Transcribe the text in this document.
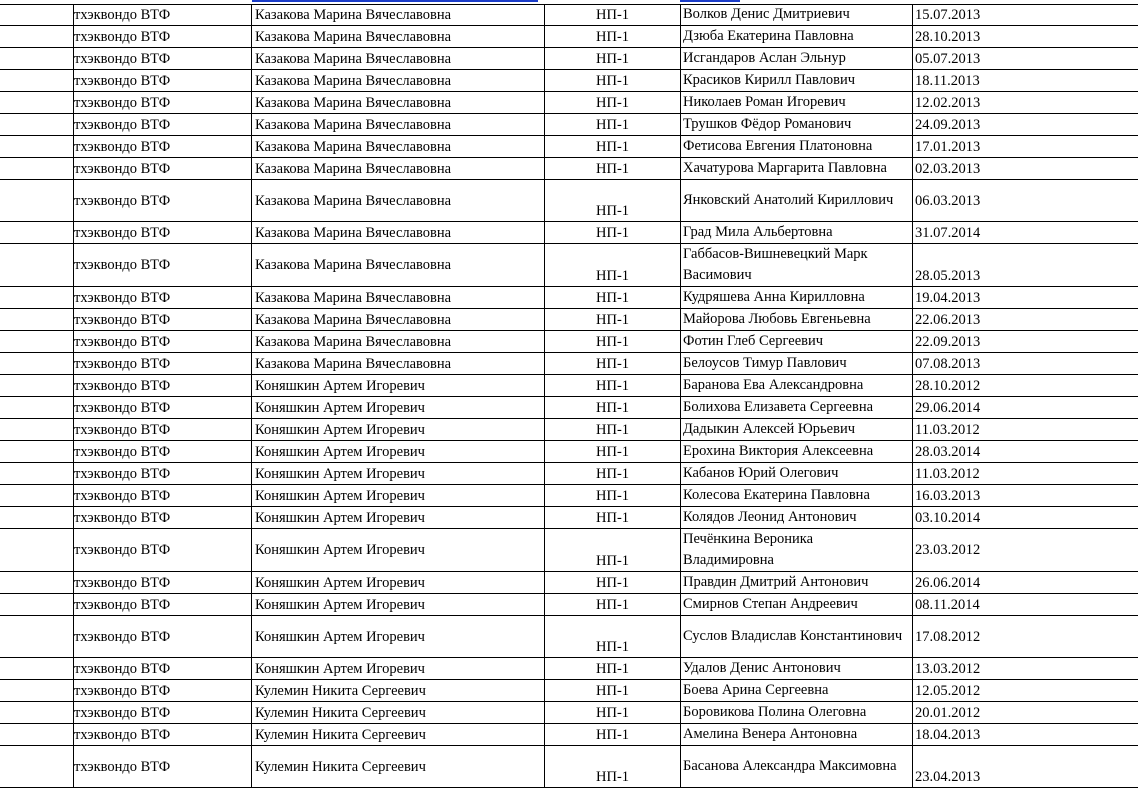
	тхэквондо ВТФ	Казакова Марина Вячеславовна		НП-1	Волков Денис Дмитриевич	15.07.2013
	тхэквондо ВТФ	Казакова Марина Вячеславовна		НП-1	Дзюба Екатерина Павловна	28.10.2013
	тхэквондо ВТФ	Казакова Марина Вячеславовна		НП-1	Исгандаров Аслан Эльнур	05.07.2013
	тхэквондо ВТФ	Казакова Марина Вячеславовна		НП-1	Красиков Кирилл Павлович	18.11.2013
	тхэквондо ВТФ	Казакова Марина Вячеславовна		НП-1	Николаев Роман Игоревич	12.02.2013
	тхэквондо ВТФ	Казакова Марина Вячеславовна		НП-1	Трушков Фёдор Романович	24.09.2013
	тхэквондо ВТФ	Казакова Марина Вячеславовна		НП-1	Фетисова Евгения Платоновна	17.01.2013
	тхэквондо ВТФ	Казакова Марина Вячеславовна		НП-1	Хачатурова Маргарита Павловна	02.03.2013
	тхэквондо ВТФ	Казакова Марина Вячеславовна		НП-1	Янковский Анатолий Кириллович	06.03.2013
	тхэквондо ВТФ	Казакова Марина Вячеславовна		НП-1	Град Мила Альбертовна	31.07.2014
	тхэквондо ВТФ	Казакова Марина Вячеславовна		НП-1	Габбасов-Вишневецкий Марк Васимович	28.05.2013
	тхэквондо ВТФ	Казакова Марина Вячеславовна		НП-1	Кудряшева Анна Кирилловна	19.04.2013
	тхэквондо ВТФ	Казакова Марина Вячеславовна		НП-1	Майорова Любовь Евгеньевна	22.06.2013
	тхэквондо ВТФ	Казакова Марина Вячеславовна		НП-1	Фотин Глеб Сергеевич	22.09.2013
	тхэквондо ВТФ	Казакова Марина Вячеславовна		НП-1	Белоусов Тимур Павлович	07.08.2013
	тхэквондо ВТФ	Коняшкин Артем Игоревич		НП-1	Баранова Ева Александровна	28.10.2012
	тхэквондо ВТФ	Коняшкин Артем Игоревич		НП-1	Болихова Елизавета Сергеевна	29.06.2014
	тхэквондо ВТФ	Коняшкин Артем Игоревич		НП-1	Дадыкин Алексей Юрьевич	11.03.2012
	тхэквондо ВТФ	Коняшкин Артем Игоревич		НП-1	Ерохина Виктория Алексеевна	28.03.2014
	тхэквондо ВТФ	Коняшкин Артем Игоревич		НП-1	Кабанов Юрий Олегович	11.03.2012
	тхэквондо ВТФ	Коняшкин Артем Игоревич		НП-1	Колесова Екатерина Павловна	16.03.2013
	тхэквондо ВТФ	Коняшкин Артем Игоревич		НП-1	Колядов Леонид Антонович	03.10.2014
	тхэквондо ВТФ	Коняшкин Артем Игоревич		НП-1	Печёнкина Вероника Владимировна	23.03.2012
	тхэквондо ВТФ	Коняшкин Артем Игоревич		НП-1	Правдин Дмитрий Антонович	26.06.2014
	тхэквондо ВТФ	Коняшкин Артем Игоревич		НП-1	Смирнов Степан Андреевич	08.11.2014
	тхэквондо ВТФ	Коняшкин Артем Игоревич		НП-1	Суслов Владислав Константинович	17.08.2012
	тхэквондо ВТФ	Коняшкин Артем Игоревич		НП-1	Удалов Денис Антонович	13.03.2012
	тхэквондо ВТФ	Кулемин Никита Сергеевич		НП-1	Боева Арина Сергеевна	12.05.2012
	тхэквондо ВТФ	Кулемин Никита Сергеевич		НП-1	Боровикова Полина Олеговна	20.01.2012
	тхэквондо ВТФ	Кулемин Никита Сергеевич		НП-1	Амелина Венера Антоновна	18.04.2013
	тхэквондо ВТФ	Кулемин Никита Сергеевич		НП-1	Басанова Александра Максимовна	23.04.2013
